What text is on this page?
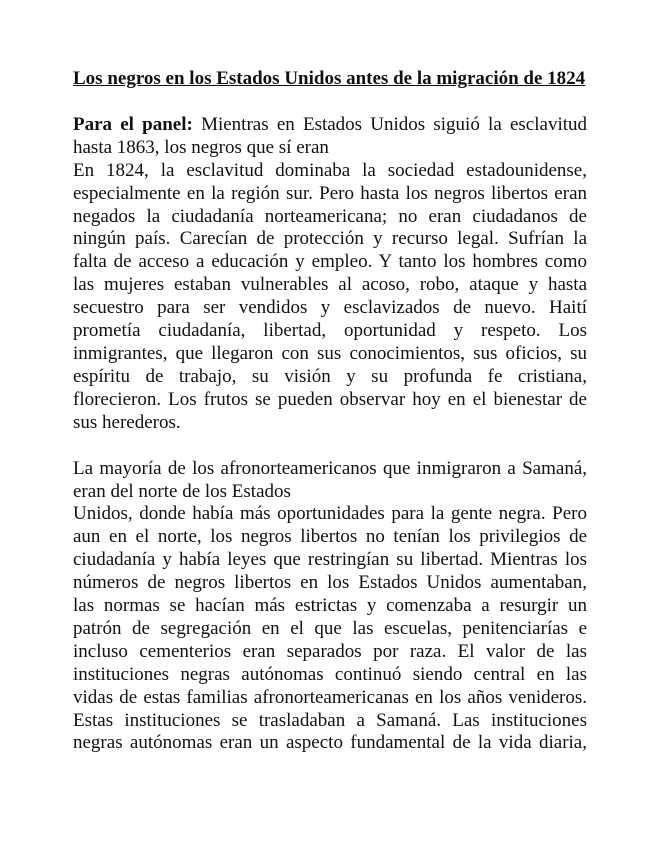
Los negros en los Estados Unidos antes de la migración de 1824

Para el panel: Mientras en Estados Unidos siguió la esclavitud
hasta 1863, los negros que sí eran
En 1824, la esclavitud dominaba la sociedad estadounidense,
especialmente en la región sur. Pero hasta los negros libertos eran
negados la ciudadanía norteamericana; no eran ciudadanos de
ningún país. Carecían de protección y recurso legal. Sufrían la
falta de acceso a educación y empleo. Y tanto los hombres como
las mujeres estaban vulnerables al acoso, robo, ataque y hasta
secuestro para ser vendidos y esclavizados de nuevo. Haití
prometía ciudadanía, libertad, oportunidad y respeto. Los
inmigrantes, que llegaron con sus conocimientos, sus oficios, su
espíritu de trabajo, su visión y su profunda fe cristiana,
florecieron. Los frutos se pueden observar hoy en el bienestar de
sus herederos.
La mayoría de los afronorteamericanos que inmigraron a Samaná,
eran del norte de los Estados
Unidos, donde había más oportunidades para la gente negra. Pero
aun en el norte, los negros libertos no tenían los privilegios de
ciudadanía y había leyes que restringían su libertad. Mientras los
números de negros libertos en los Estados Unidos aumentaban,
las normas se hacían más estrictas y comenzaba a resurgir un
patrón de segregación en el que las escuelas, penitenciarías e
incluso cementerios eran separados por raza. El valor de las
instituciones negras autónomas continuó siendo central en las
vidas de estas familias afronorteamericanas en los años venideros.
Estas instituciones se trasladaban a Samaná. Las instituciones
negras autónomas eran un aspecto fundamental de la vida diaria,
